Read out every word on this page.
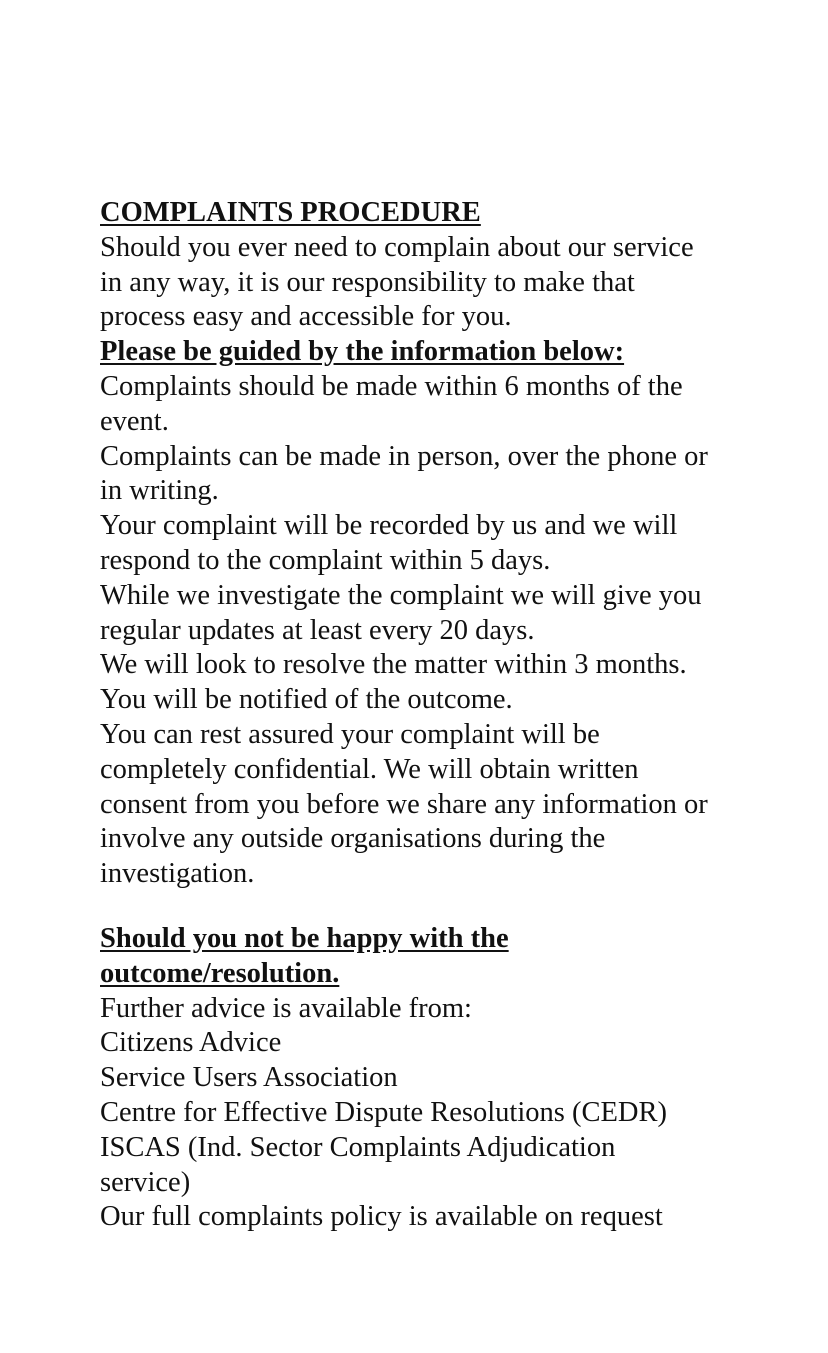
COMPLAINTS PROCEDURE
Should you ever need to complain about our service
in any way, it is our responsibility to make that
process easy and accessible for you.
Please be guided by the information below:
Complaints should be made within 6 months of the
event.
Complaints can be made in person, over the phone or
in writing.
Your complaint will be recorded by us and we will
respond to the complaint within 5 days.
While we investigate the complaint we will give you
regular updates at least every 20 days.
We will look to resolve the matter within 3 months.
You will be notified of the outcome.
You can rest assured your complaint will be
completely confidential. We will obtain written
consent from you before we share any information or
involve any outside organisations during the
investigation.
Should you not be happy with the
outcome/resolution.
Further advice is available from:
Citizens Advice
Service Users Association
Centre for Effective Dispute Resolutions (CEDR)
ISCAS (Ind. Sector Complaints Adjudication
service)
Our full complaints policy is available on request
